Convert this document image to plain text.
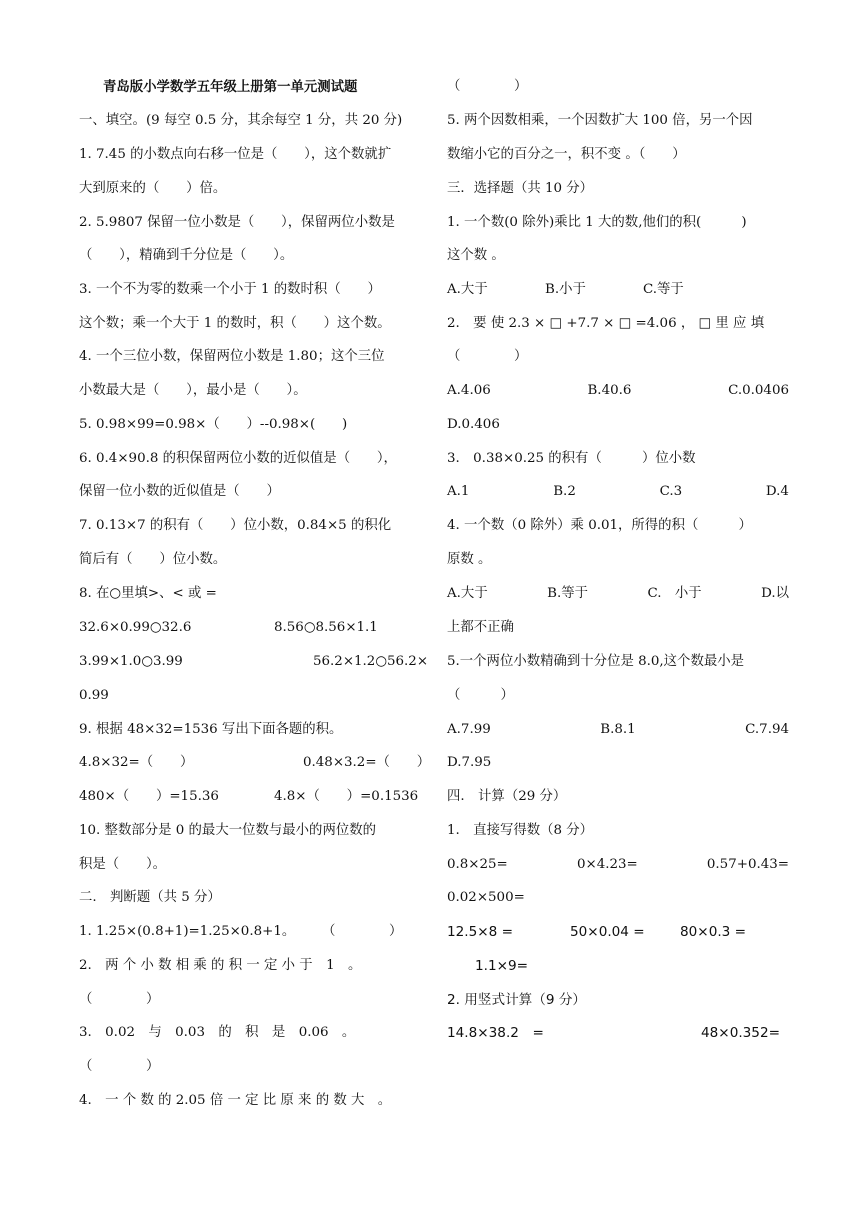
青岛版小学数学五年级上册第一单元测试题
一、填空。(9 每空 0.5 分，其余每空 1 分，共 20 分)
1. 7.45 的小数点向右移一位是（　　），这个数就扩
大到原来的（　　）倍。
2. 5.9807 保留一位小数是（　　），保留两位小数是
（　　），精确到千分位是（　　）。
3. 一个不为零的数乘一个小于 1 的数时积（　　）
这个数；乘一个大于 1 的数时，积（　　）这个数。
4. 一个三位小数，保留两位小数是 1.80；这个三位
小数最大是（　　），最小是（　　）。
5. 0.98×99=0.98×（　　）--0.98×(　　)
6. 0.4×90.8 的积保留两位小数的近似值是（　　），
保留一位小数的近似值是（　　）
7. 0.13×7 的积有（　　）位小数，0.84×5 的积化
简后有（　　）位小数。
8. 在○里填>、< 或 =
32.6×0.99○32.6	8.56○8.56×1.1
3.99×1.0○3.99	56.2×1.2○56.2×
0.99
9. 根据 48×32=1536 写出下面各题的积。
4.8×32=（　　）	0.48×3.2=（　　）
480×（　　）=15.36	4.8×（　　）=0.1536
10. 整数部分是 0 的最大一位数与最小的两位数的
积是（　　）。
二.　判断题（共 5 分）
1. 1.25×(0.8+1)=1.25×0.8+1。　　　（　　　　）
2.　两 个 小 数 相 乘 的 积 一 定 小 于　1　。
（　　　　）
3.　0.02　与　0.03　的　积　是　0.06　。
（　　　　）
4.　一 个 数 的 2.05 倍 一 定 比 原 来 的 数 大　。
（　　　　）
5. 两个因数相乘，一个因数扩大 100 倍，另一个因
数缩小它的百分之一，积不变 。（　　）
三．选择题（共 10 分）
1. 一个数(0 除外)乘比 1 大的数,他们的积(　　　)
这个数 。
A.大于	B.小于	C.等于
2.　要 使 2.3 × □ +7.7 × □ =4.06 ， □ 里 应 填
（　　　　）
A.4.06	B.40.6	C.0.0406
D.0.406
3.　0.38×0.25 的积有（　　　）位小数
A.1	B.2	C.3	D.4
4. 一个数（0 除外）乘 0.01，所得的积（　　　）
原数 。
A.大于	B.等于	C.　小于	D.以
上都不正确
5.一个两位小数精确到十分位是 8.0,这个数最小是
（　　　）
A.7.99	B.8.1	C.7.94
D.7.95
四.　计算（29 分）
1.　直接写得数（8 分）
0.8×25=	0×4.23=	0.57+0.43=
0.02×500=
12.5×8 =	50×0.04 =	80×0.3 =
1.1×9=
2. 用竖式计算（9 分）
14.8×38.2　=	48×0.352=
